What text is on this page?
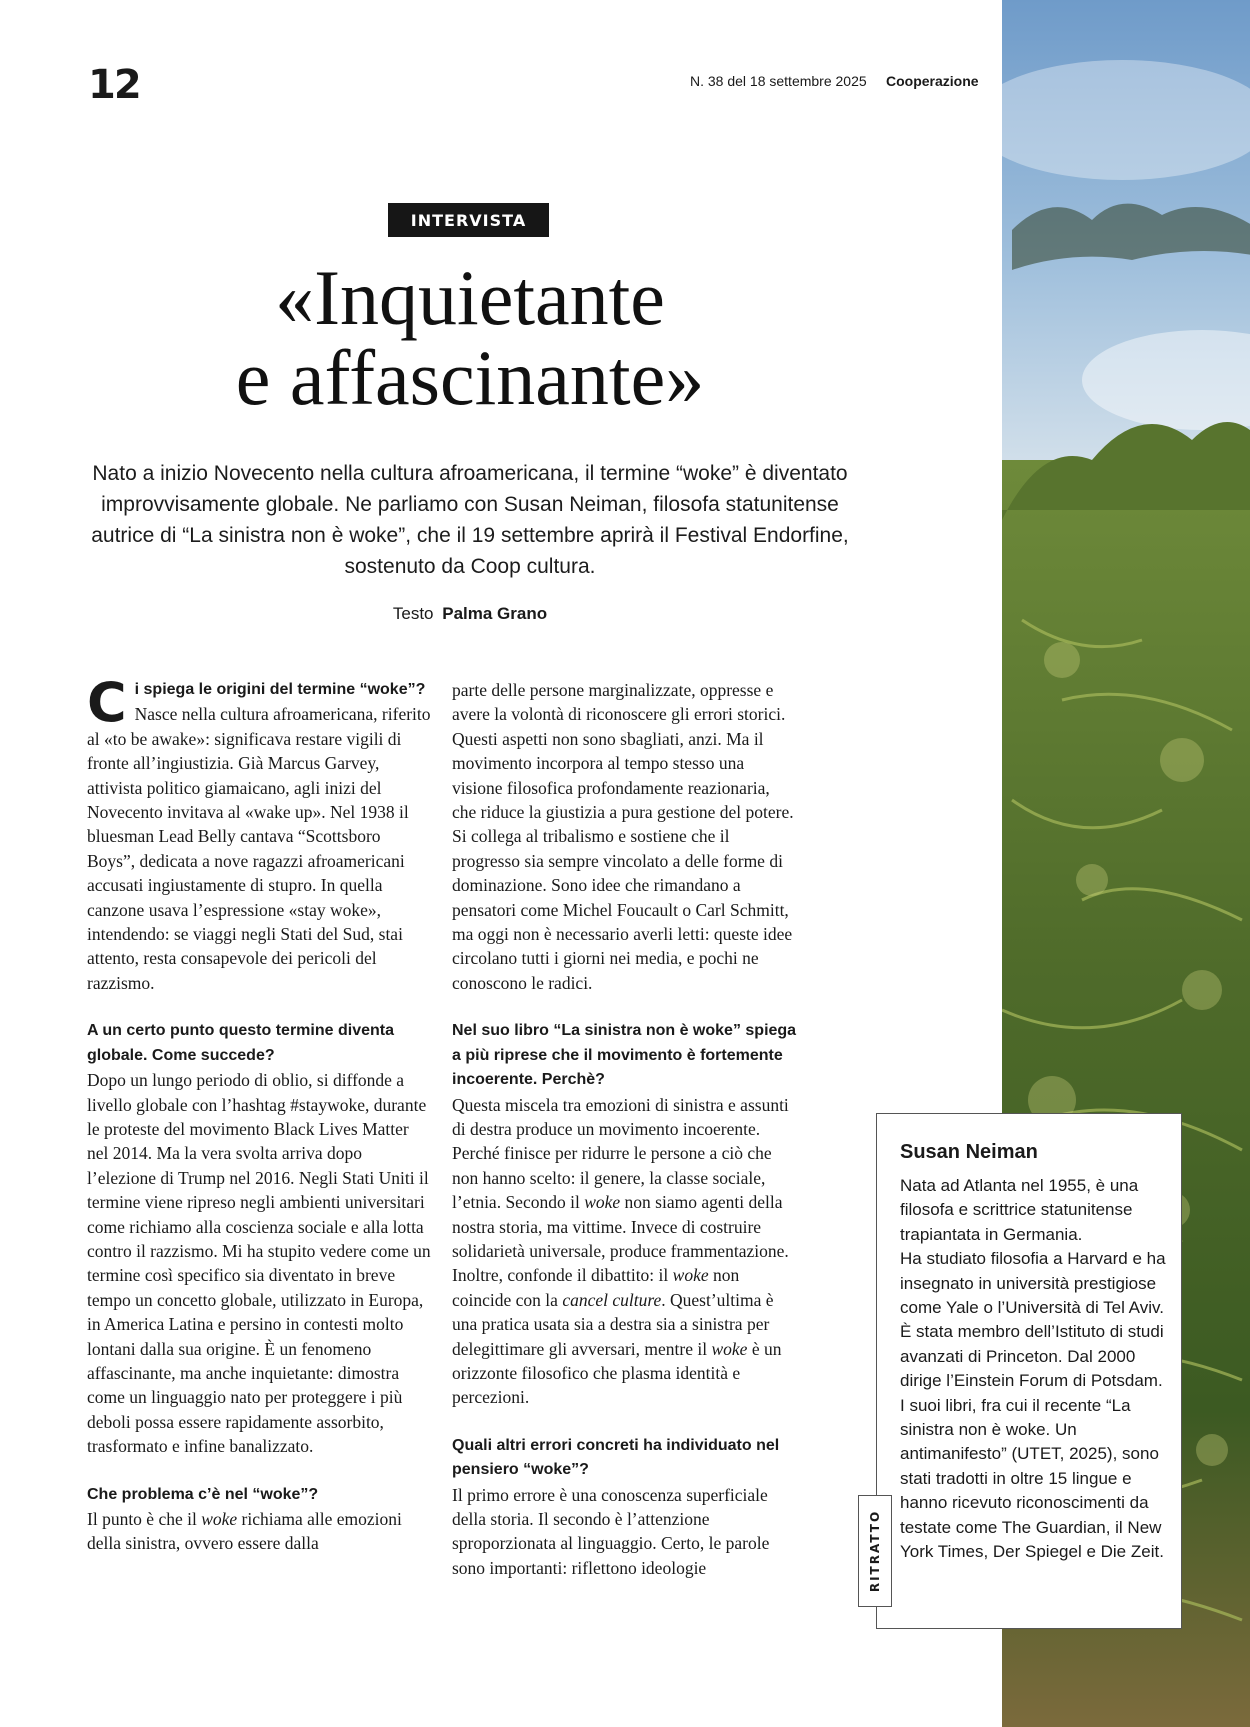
12	N. 38 del 18 settembre 2025 Cooperazione
INTERVISTA
«Inquietante
e affascinante»

Nato a inizio Novecento nella cultura afroamericana, il termine “woke” è diventato improvvisamente globale. Ne parliamo con Susan Neiman, filosofa statunitense autrice di “La sinistra non è woke”, che il 19 settembre aprirà il Festival Endorfine, sostenuto da Coop cultura.

Testo Palma Grano

C i spiega le origini del termine “woke”?
Nasce nella cultura afroamericana, riferito al «to be awake»: significava restare vigili di fronte all’ingiustizia. Già Marcus Garvey, attivista politico giamaicano, agli inizi del Novecento invitava al «wake up». Nel 1938 il bluesman Lead Belly cantava “Scottsboro Boys”, dedicata a nove ragazzi afroamericani accusati ingiustamente di stupro. In quella canzone usava l’espressione «stay woke», intendendo: se viaggi negli Stati del Sud, stai attento, resta consapevole dei pericoli del razzismo.

A un certo punto questo termine diventa globale. Come succede?
Dopo un lungo periodo di oblio, si diffonde a livello globale con l’hashtag #staywoke, durante le proteste del movimento Black Lives Matter nel 2014. Ma la vera svolta arriva dopo l’elezione di Trump nel 2016. Negli Stati Uniti il termine viene ripreso negli ambienti universitari come richiamo alla coscienza sociale e alla lotta contro il razzismo. Mi ha stupito vedere come un termine così specifico sia diventato in breve tempo un concetto globale, utilizzato in Europa, in America Latina e persino in contesti molto lontani dalla sua origine. È un fenomeno affascinante, ma anche inquietante: dimostra come un linguaggio nato per proteggere i più deboli possa essere rapidamente assorbito, trasformato e infine banalizzato.

Che problema c’è nel “woke”?
Il punto è che il woke richiama alle emozioni della sinistra, ovvero essere dalla

parte delle persone marginalizzate, oppresse e avere la volontà di riconoscere gli errori storici. Questi aspetti non sono sbagliati, anzi. Ma il movimento incorpora al tempo stesso una visione filosofica profondamente reazionaria, che riduce la giustizia a pura gestione del potere. Si collega al tribalismo e sostiene che il progresso sia sempre vincolato a delle forme di dominazione. Sono idee che rimandano a pensatori come Michel Foucault o Carl Schmitt, ma oggi non è necessario averli letti: queste idee circolano tutti i giorni nei media, e pochi ne conoscono le radici.

Nel suo libro “La sinistra non è woke” spiega a più riprese che il movimento è fortemente incoerente. Perchè?
Questa miscela tra emozioni di sinistra e assunti di destra produce un movimento incoerente. Perché finisce per ridurre le persone a ciò che non hanno scelto: il genere, la classe sociale, l’etnia. Secondo il woke non siamo agenti della nostra storia, ma vittime. Invece di costruire solidarietà universale, produce frammentazione. Inoltre, confonde il dibattito: il woke non coincide con la cancel culture. Quest’ultima è una pratica usata sia a destra sia a sinistra per delegittimare gli avversari, mentre il woke è un orizzonte filosofico che plasma identità e percezioni.

Quali altri errori concreti ha individuato nel pensiero “woke”?
Il primo errore è una conoscenza superficiale della storia. Il secondo è l’attenzione sproporzionata al linguaggio. Certo, le parole sono importanti: riflettono ideologie

Susan Neiman
Nata ad Atlanta nel 1955, è una filosofa e scrittrice statunitense trapiantata in Germania.
Ha studiato filosofia a Harvard e ha insegnato in università prestigiose come Yale o l’Università di Tel Aviv. È stata membro dell’Istituto di studi avanzati di Princeton. Dal 2000 dirige l’Einstein Forum di Potsdam.
I suoi libri, fra cui il recente “La sinistra non è woke. Un antimanifesto” (UTET, 2025), sono stati tradotti in oltre 15 lingue e hanno ricevuto riconoscimenti da testate come The Guardian, il New York Times, Der Spiegel e Die Zeit.
RITRATTO
